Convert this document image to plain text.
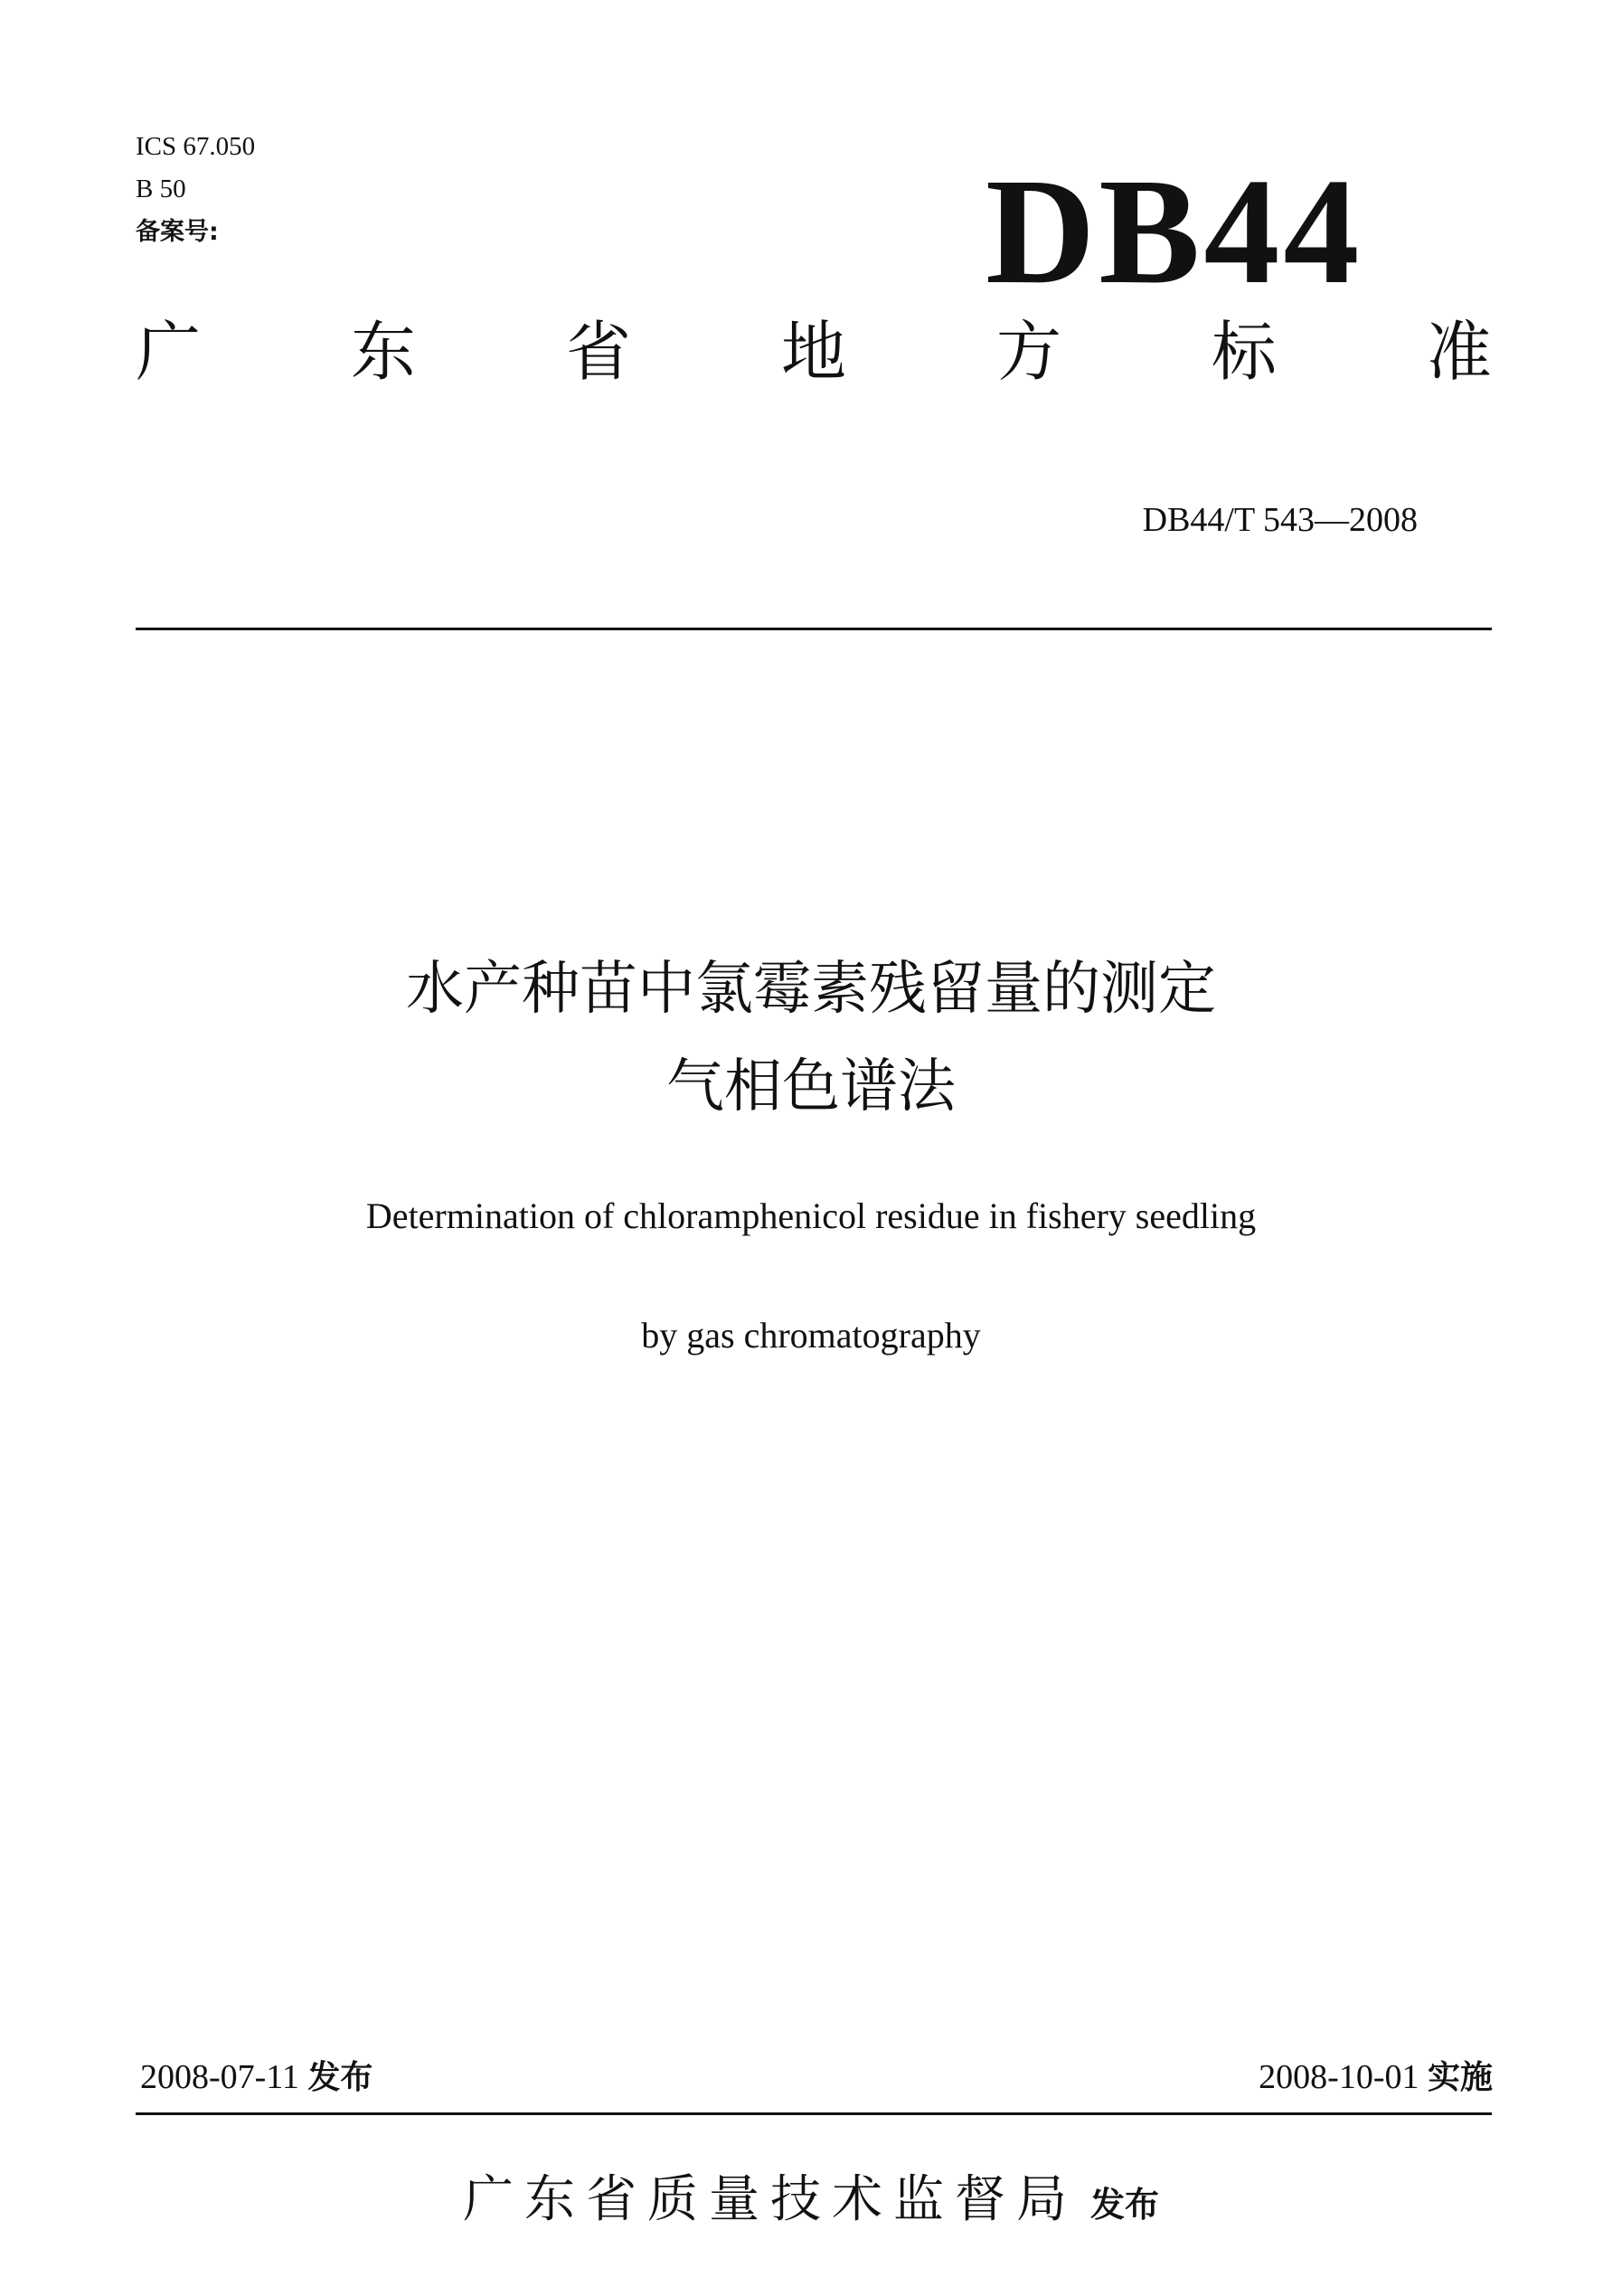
ICS 67.050
B 50
备案号:	DB44
广 东 省 地 方 标 准
DB44/T 543—2008
水产种苗中氯霉素残留量的测定
气相色谱法
Determination of chloramphenicol residue in fishery seedling
by gas chromatography
2008-07-11 发布	2008-10-01 实施
广东省质量技术监督局 发布
